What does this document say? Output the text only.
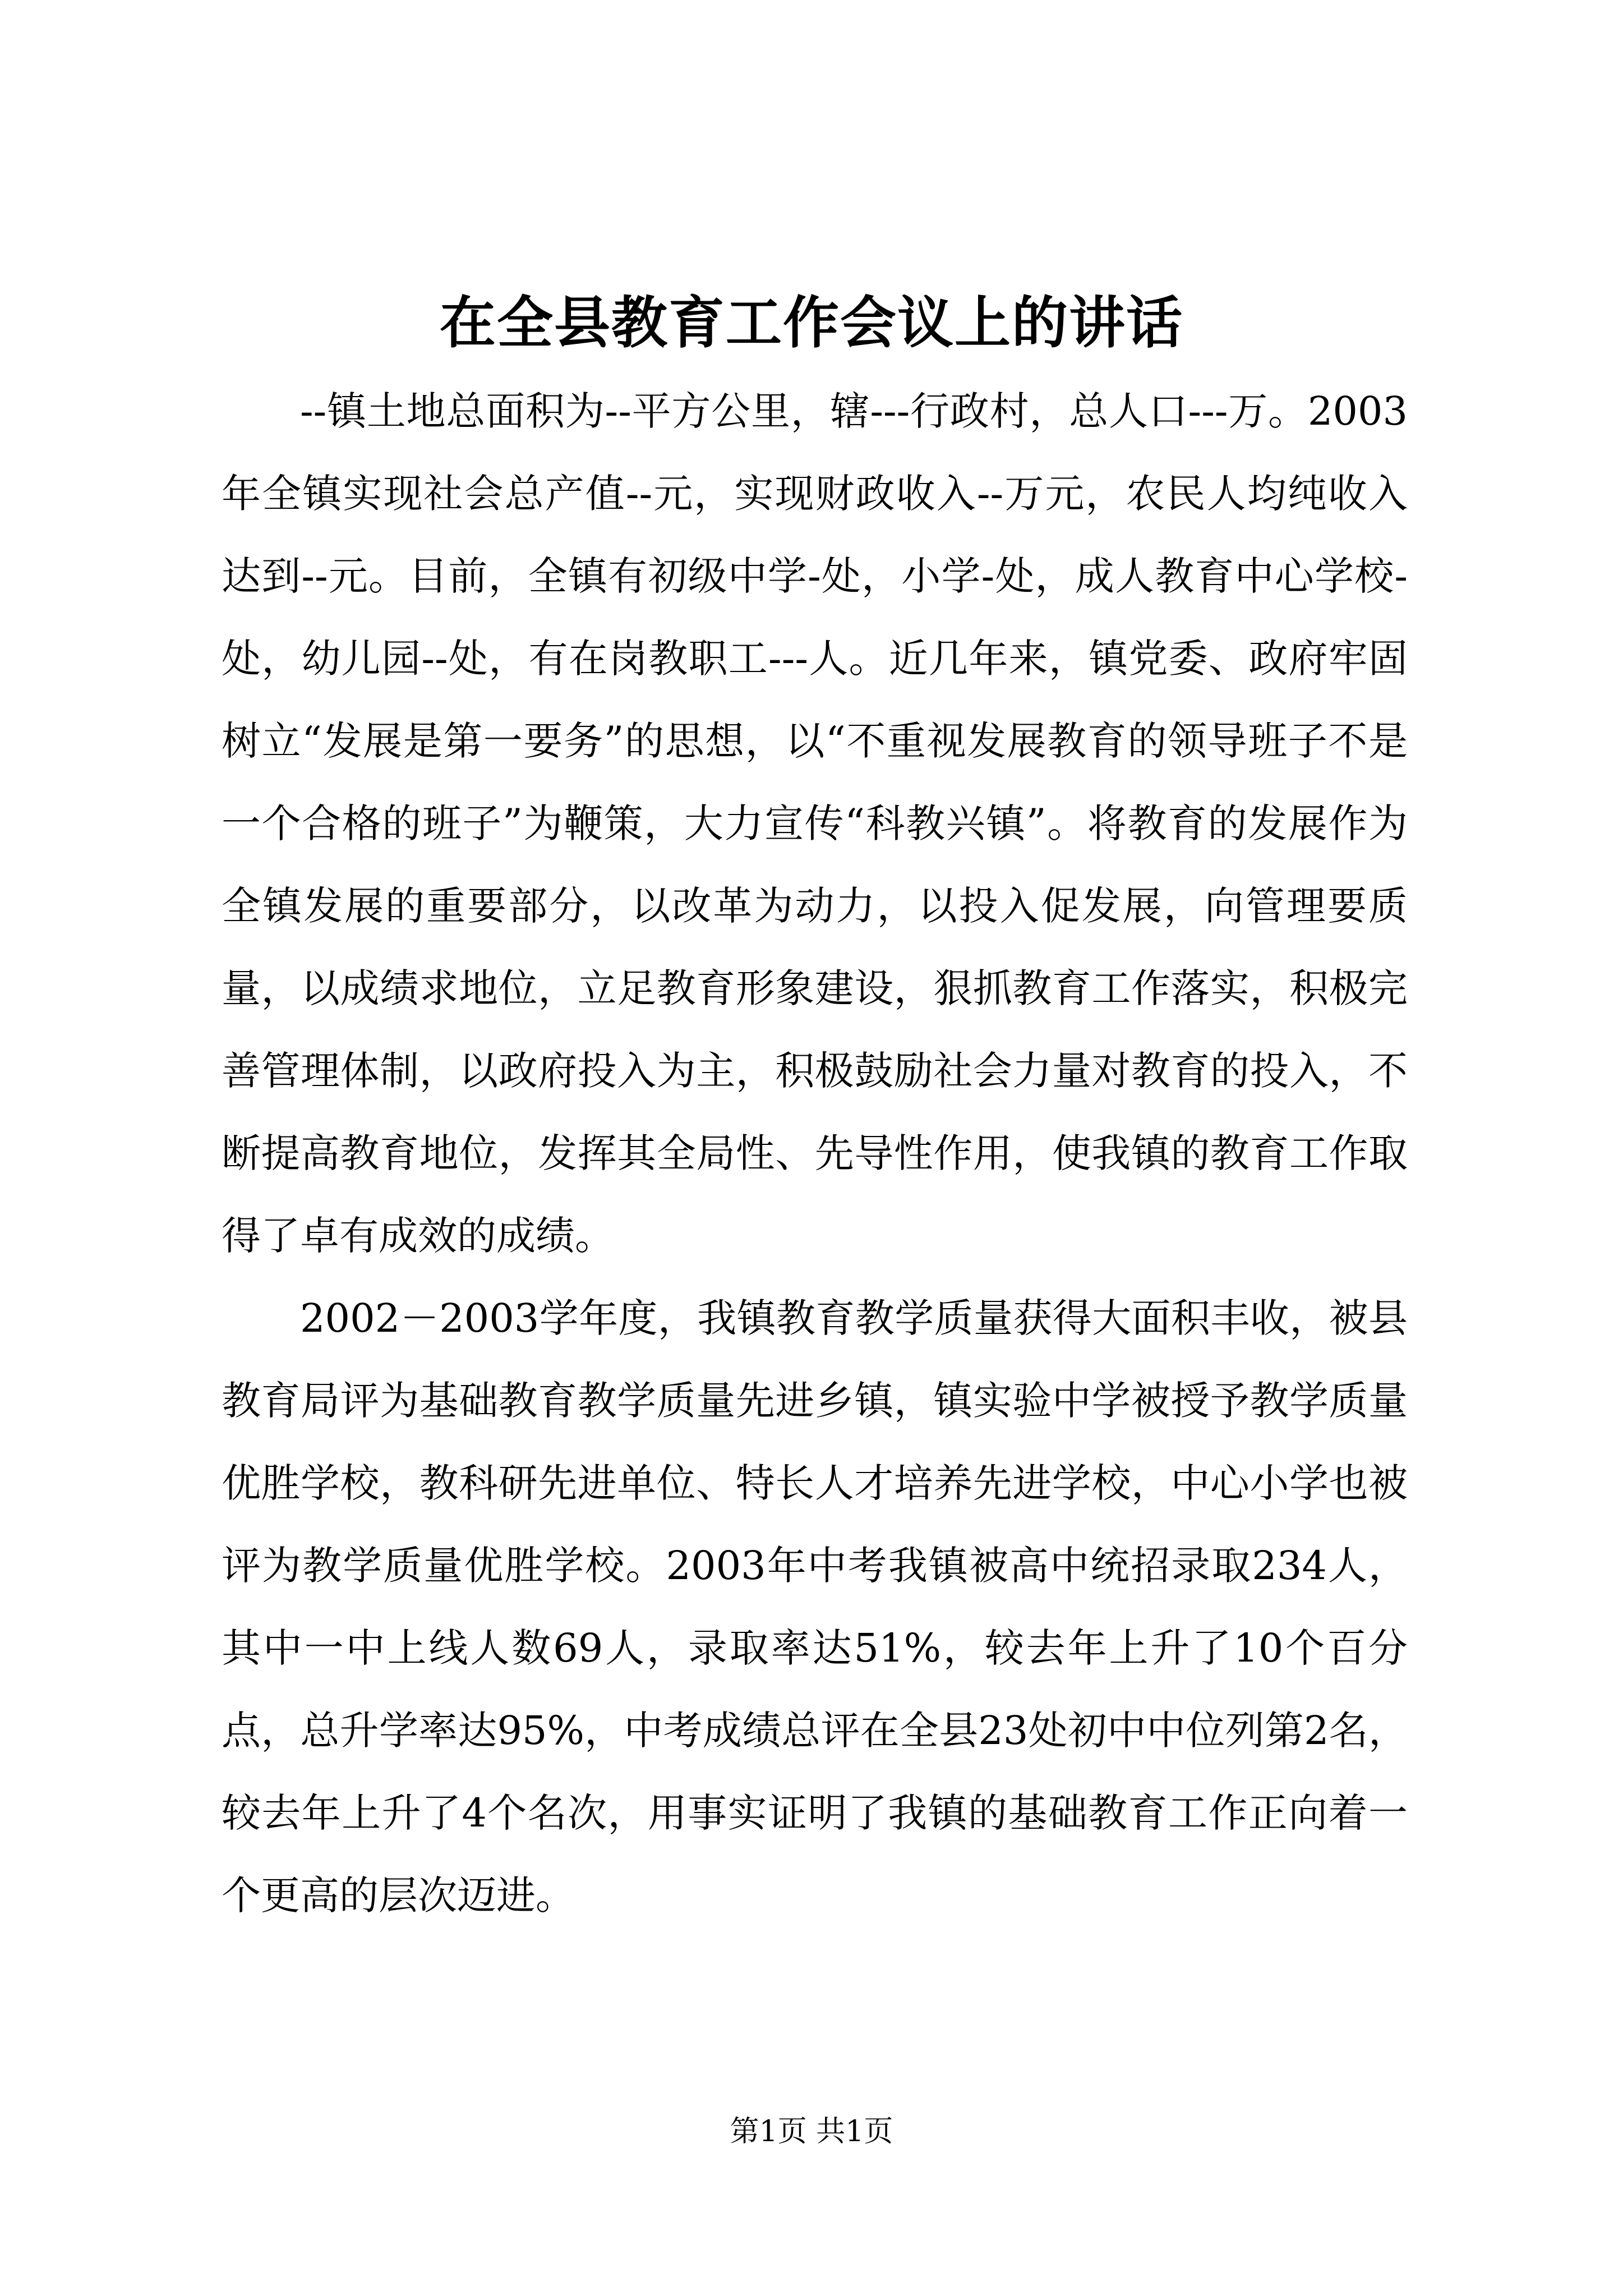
在全县教育工作会议上的讲话

--镇土地总面积为--平方公里，辖---行政村，总人口---万。2003年全镇实现社会总产值--元，实现财政收入--万元，农民人均纯收入达到--元。目前，全镇有初级中学-处，小学-处，成人教育中心学校-处，幼儿园--处，有在岗教职工---人。近几年来，镇党委、政府牢固树立“发展是第一要务”的思想，以“不重视发展教育的领导班子不是一个合格的班子”为鞭策，大力宣传“科教兴镇”。将教育的发展作为全镇发展的重要部分，以改革为动力，以投入促发展，向管理要质量，以成绩求地位，立足教育形象建设，狠抓教育工作落实，积极完善管理体制，以政府投入为主，积极鼓励社会力量对教育的投入，不断提高教育地位，发挥其全局性、先导性作用，使我镇的教育工作取得了卓有成效的成绩。

2002－2003学年度，我镇教育教学质量获得大面积丰收，被县教育局评为基础教育教学质量先进乡镇，镇实验中学被授予教学质量优胜学校，教科研先进单位、特长人才培养先进学校，中心小学也被评为教学质量优胜学校。2003年中考我镇被高中统招录取234人，其中一中上线人数69人，录取率达51%，较去年上升了10个百分点，总升学率达95%，中考成绩总评在全县23处初中中位列第2名，较去年上升了4个名次，用事实证明了我镇的基础教育工作正向着一个更高的层次迈进。

第1页 共1页
